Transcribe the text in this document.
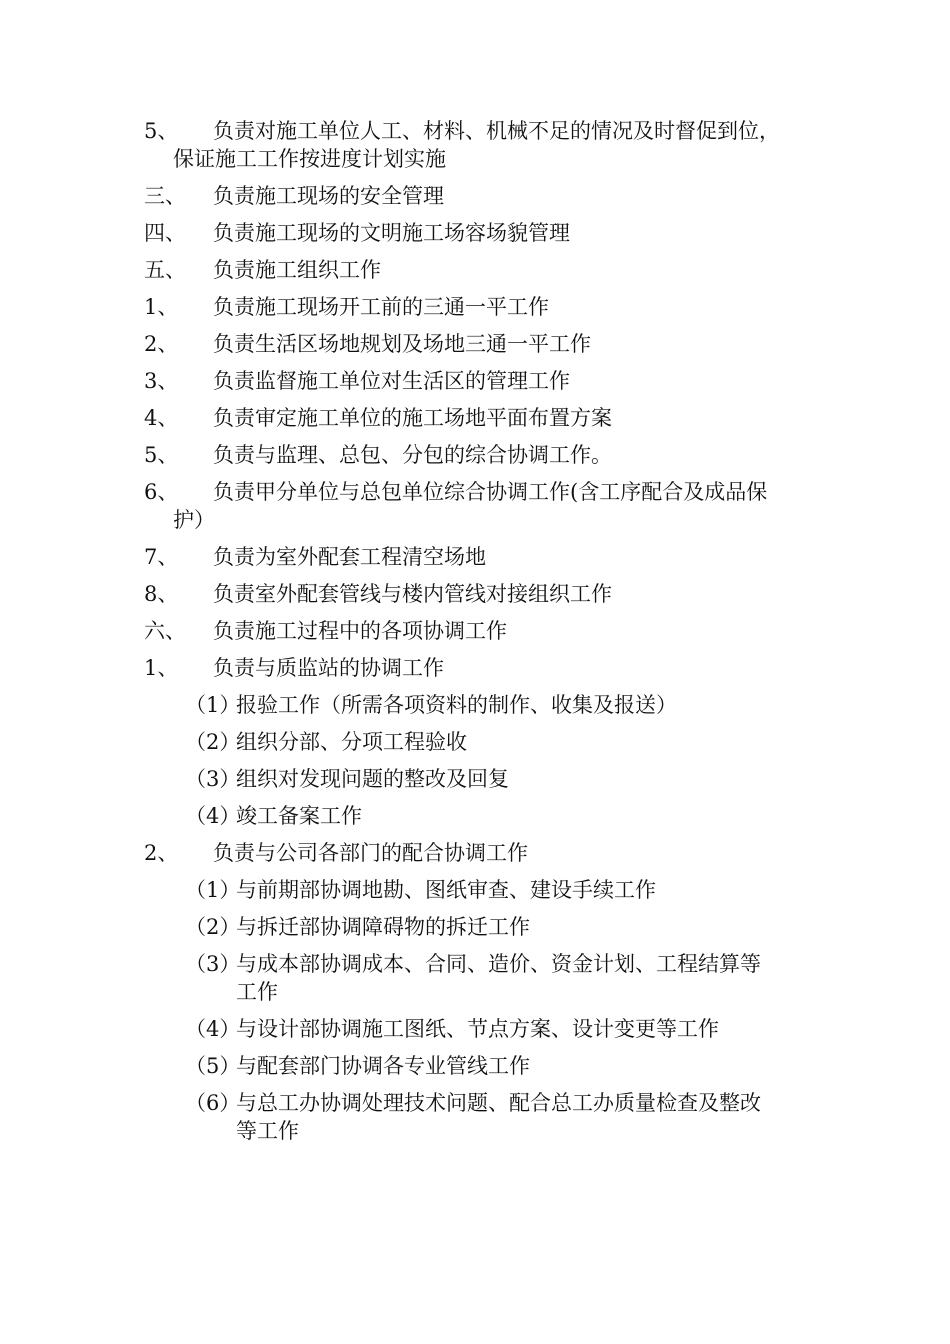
5、	负责对施工单位人工、材料、机械不足的情况及时督促到位，
保证施工工作按进度计划实施
三、	负责施工现场的安全管理
四、	负责施工现场的文明施工场容场貌管理
五、	负责施工组织工作
1、	负责施工现场开工前的三通一平工作
2、	负责生活区场地规划及场地三通一平工作
3、	负责监督施工单位对生活区的管理工作
4、	负责审定施工单位的施工场地平面布置方案
5、	负责与监理、总包、分包的综合协调工作。
6、	负责甲分单位与总包单位综合协调工作(含工序配合及成品保
护）
7、	负责为室外配套工程清空场地
8、	负责室外配套管线与楼内管线对接组织工作
六、	负责施工过程中的各项协调工作
1、	负责与质监站的协调工作
（1）
报验工作（所需各项资料的制作、收集及报送）
（2）
组织分部、分项工程验收
（3）
组织对发现问题的整改及回复
（4）
竣工备案工作
2、	负责与公司各部门的配合协调工作
（1）
与前期部协调地勘、图纸审查、建设手续工作
（2）
与拆迁部协调障碍物的拆迁工作
（3）
与成本部协调成本、合同、造价、资金计划、工程结算等
工作
（4）
与设计部协调施工图纸、节点方案、设计变更等工作
（5）
与配套部门协调各专业管线工作
（6）
与总工办协调处理技术问题、配合总工办质量检查及整改
等工作
